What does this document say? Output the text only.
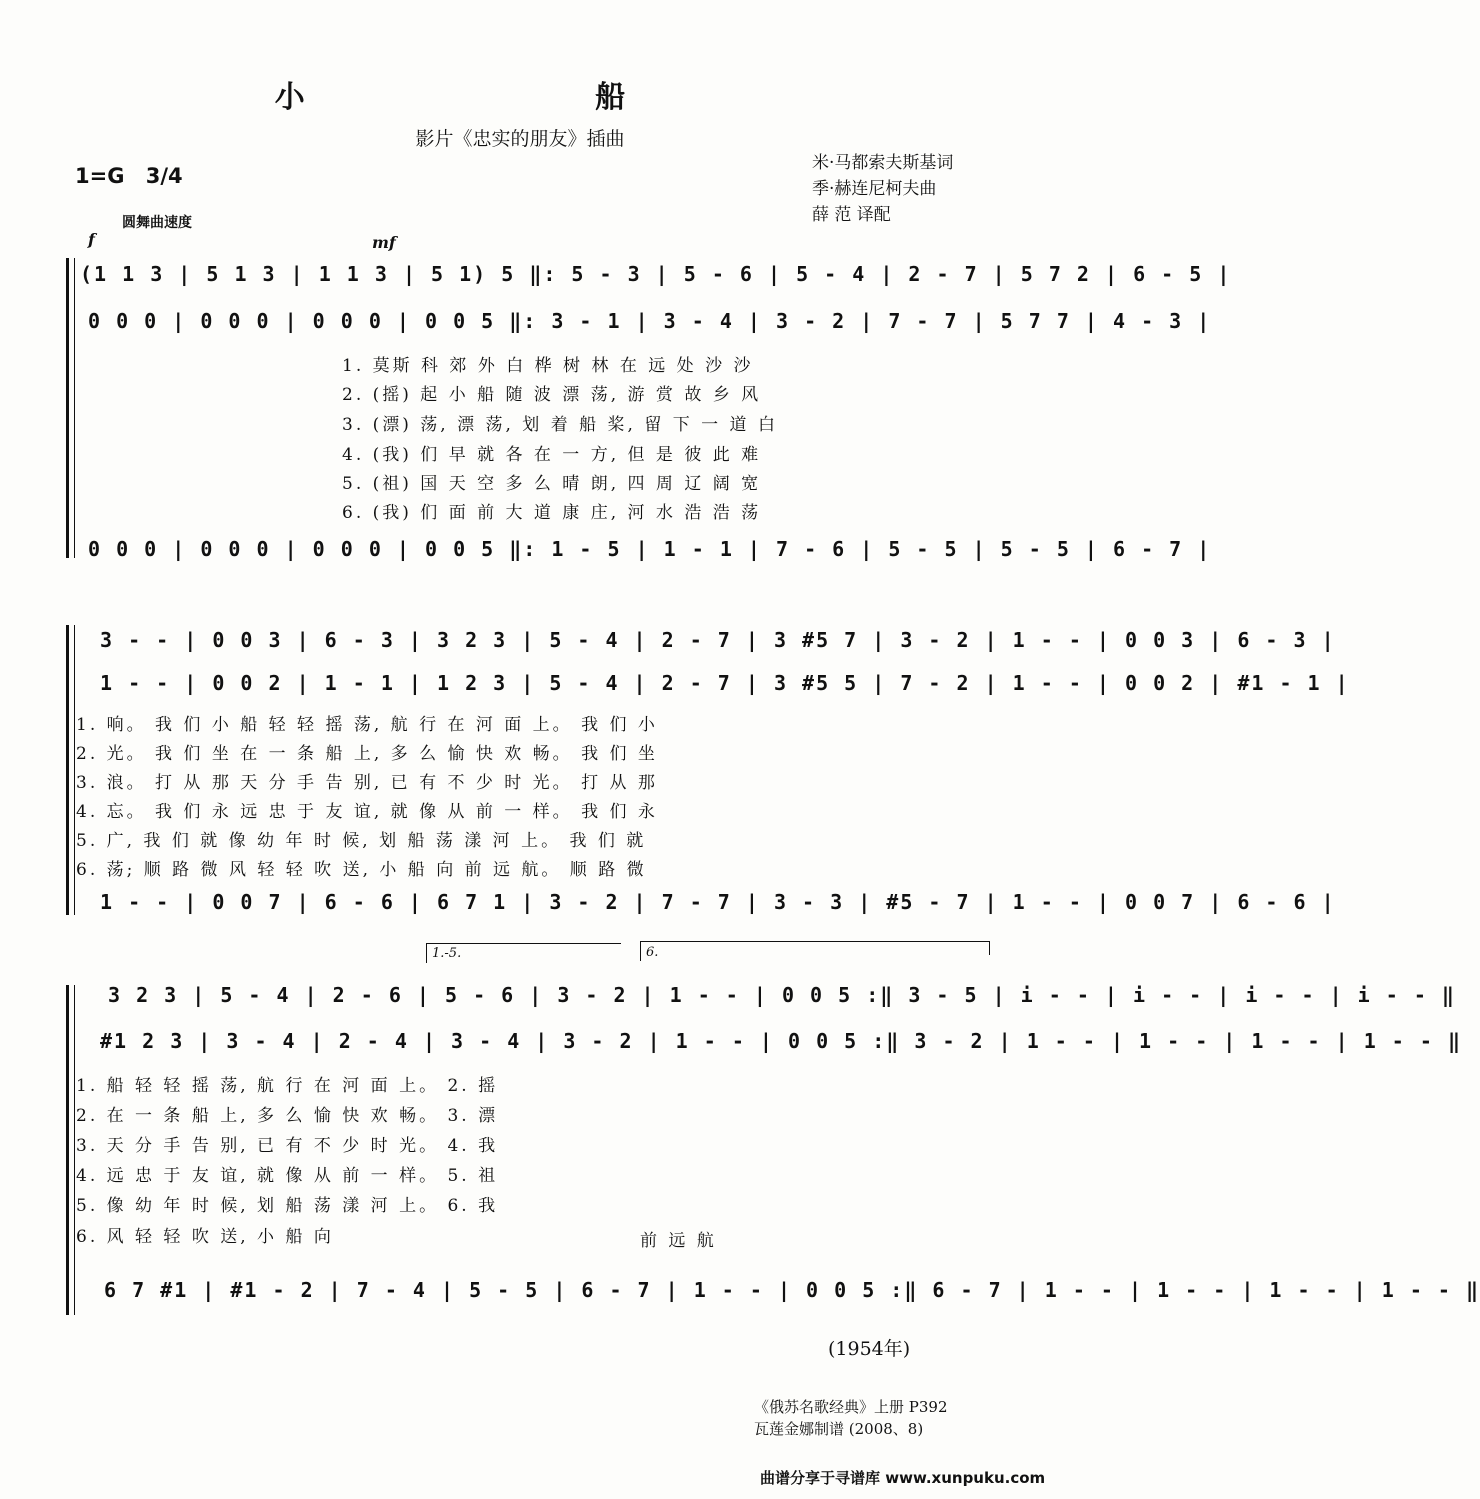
小 船
影片《忠实的朋友》插曲
1=G 3/4
米·马都索夫斯基词
季·赫连尼柯夫曲
薛 范 译配
圆舞曲速度
f	mf
(1 1 3 | 5 1 3 | 1 1 3 | 5 1) 5 ‖: 5 - 3 | 5 - 6 | 5 - 4 | 2 - 7 | 5 7 2 | 6 - 5 |
0 0 0 | 0 0 0 | 0 0 0 | 0 0 5 ‖: 3 - 1 | 3 - 4 | 3 - 2 | 7 - 7 | 5 7 7 | 4 - 3 |
1. 莫斯 科 郊 外 白 桦 树 林 在 远 处 沙 沙
2. (摇) 起 小 船 随 波 漂 荡, 游 赏 故 乡 风
3. (漂) 荡, 漂 荡, 划 着 船 桨, 留 下 一 道 白
4. (我) 们 早 就 各 在 一 方, 但 是 彼 此 难
5. (祖) 国 天 空 多 么 晴 朗, 四 周 辽 阔 宽
6. (我) 们 面 前 大 道 康 庄, 河 水 浩 浩 荡
0 0 0 | 0 0 0 | 0 0 0 | 0 0 5 ‖: 1 - 5 | 1 - 1 | 7 - 6 | 5 - 5 | 5 - 5 | 6 - 7 |
3 - - | 0 0 3 | 6 - 3 | 3 2 3 | 5 - 4 | 2 - 7 | 3 #5 7 | 3 - 2 | 1 - - | 0 0 3 | 6 - 3 |
1 - - | 0 0 2 | 1 - 1 | 1 2 3 | 5 - 4 | 2 - 7 | 3 #5 5 | 7 - 2 | 1 - - | 0 0 2 | #1 - 1 |
1. 响。 我 们 小 船 轻 轻 摇 荡, 航 行 在 河 面 上。 我 们 小
2. 光。 我 们 坐 在 一 条 船 上, 多 么 愉 快 欢 畅。 我 们 坐
3. 浪。 打 从 那 天 分 手 告 别, 已 有 不 少 时 光。 打 从 那
4. 忘。 我 们 永 远 忠 于 友 谊, 就 像 从 前 一 样。 我 们 永
5. 广, 我 们 就 像 幼 年 时 候, 划 船 荡 漾 河 上。 我 们 就
6. 荡; 顺 路 微 风 轻 轻 吹 送, 小 船 向 前 远 航。 顺 路 微
1 - - | 0 0 7 | 6 - 6 | 6 7 1 | 3 - 2 | 7 - 7 | 3 - 3 | #5 - 7 | 1 - - | 0 0 7 | 6 - 6 |
1.-5.	6.
3 2 3 | 5 - 4 | 2 - 6 | 5 - 6 | 3 - 2 | 1 - - | 0 0 5 :‖ 3 - 5 | i - - | i - - | i - - | i - - ‖
#1 2 3 | 3 - 4 | 2 - 4 | 3 - 4 | 3 - 2 | 1 - - | 0 0 5 :‖ 3 - 2 | 1 - - | 1 - - | 1 - - | 1 - - ‖
1. 船 轻 轻 摇 荡, 航 行 在 河 面 上。 2. 摇
2. 在 一 条 船 上, 多 么 愉 快 欢 畅。 3. 漂
3. 天 分 手 告 别, 已 有 不 少 时 光。 4. 我
4. 远 忠 于 友 谊, 就 像 从 前 一 样。 5. 祖
5. 像 幼 年 时 候, 划 船 荡 漾 河 上。 6. 我
6. 风 轻 轻 吹 送, 小 船 向	前 远 航
6 7 #1 | #1 - 2 | 7 - 4 | 5 - 5 | 6 - 7 | 1 - - | 0 0 5 :‖ 6 - 7 | 1 - - | 1 - - | 1 - - | 1 - - ‖
(1954年)
《俄苏名歌经典》上册 P392
瓦莲金娜制谱 (2008、8)
曲谱分享于寻谱库 www.xunpuku.com
